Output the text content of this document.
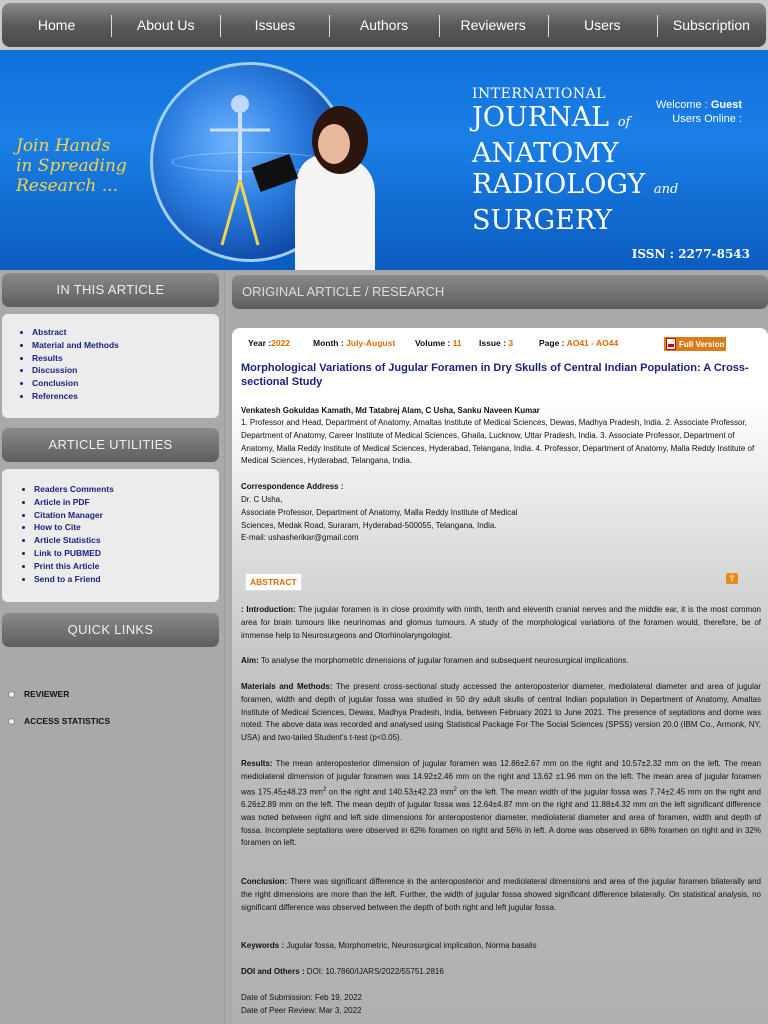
Home	About Us	Issues	Authors	Reviewers	Users	Subscription
Join Hands
in Spreading
Research ...
INTERNATIONAL
JOURNAL of
ANATOMY
RADIOLOGY and
SURGERY
Welcome : Guest
Users Online :
ISSN : 2277-8543
IN THIS ARTICLE
• Abstract
• Material and Methods
• Results
• Discussion
• Conclusion
• References
ARTICLE UTILITIES
• Readers Comments
• Article in PDF
• Citation Manager
• How to Cite
• Article Statistics
• Link to PUBMED
• Print this Article
• Send to a Friend
QUICK LINKS
REVIEWER
ACCESS STATISTICS
ORIGINAL ARTICLE / RESEARCH
Year :2022	Month : July-August Volume : 11 Issue : 3	Page : AO41 - AO44	Full Version
Morphological Variations of Jugular Foramen in Dry Skulls of Central Indian Population: A Cross-sectional Study
Venkatesh Gokuldas Kamath, Md Tatabrej Alam, C Usha, Sanku Naveen Kumar
1. Professor and Head, Department of Anatomy, Amaltas Institute of Medical Sciences, Dewas, Madhya Pradesh, India. 2. Associate Professor, Department of Anatomy, Career Institute of Medical Sciences, Ghaila, Lucknow, Uttar Pradesh, India. 3. Associate Professor, Department of Anatomy, Malla Reddy Institute of Medical Sciences, Hyderabad, Telangana, India. 4. Professor, Department of Anatomy, Malla Reddy Institute of Medical Sciences, Hyderabad, Telangana, India.
Correspondence Address :
Dr. C Usha,
Associate Professor, Department of Anatomy, Malla Reddy Institute of Medical
Sciences, Medak Road, Suraram, Hyderabad-500055, Telangana, India.
E-mail: ushasherikar@gmail.com
ABSTRACT	⇧
: Introduction: The jugular foramen is in close proximity with ninth, tenth and eleventh cranial nerves and the middle ear, it is the most common area for brain tumours like neurinomas and glomus tumours. A study of the morphological variations of the foramen would, therefore, be of immense help to Neurosurgeons and Otorhinolaryngologist.
Aim: To analyse the morphometric dimensions of jugular foramen and subsequent neurosurgical implications.
Materials and Methods: The present cross-sectional study accessed the anteroposterior diameter, mediolateral diameter and area of jugular foramen, width and depth of jugular fossa was studied in 50 dry adult skulls of central Indian population in Department of Anatomy, Amaltas Institute of Medical Sciences, Dewas, Madhya Pradesh, India, between February 2021 to June 2021. The presence of septations and dome was noted. The above data was recorded and analysed using Statistical Package For The Social Sciences (SPSS) version 20.0 (IBM Co., Armonk, NY, USA) and two-tailed Student's t-test (p<0.05).
Results: The mean anteroposterior dimension of jugular foramen was 12.86±2.67 mm on the right and 10.57±2.32 mm on the left. The mean mediolateral dimension of jugular foramen was 14.92±2.46 mm on the right and 13.62 ±1.96 mm on the left. The mean area of jugular foramen was 175.45±48.23 $mm^2$ on the right and 140.53±42.23 $mm^2$ on the left. The mean width of the jugular fossa was 7.74±2.45 mm on the right and 6.26±2.89 mm on the left. The mean depth of jugular fossa was 12.64±4.87 mm on the right and 11.88±4.32 mm on the left significant difference was noted between right and left side dimensions for anteroposterior diameter, mediolateral diameter and area of foramen, width and depth of fossa. Incomplete septations were observed in 62% foramen on right and 56% in left. A dome was observed in 68% foramen on right and in 32% foramen on left.
Conclusion: There was significant difference in the anteroposterior and mediolateral dimensions and area of the jugular foramen bilaterally and the right dimensions are more than the left. Further, the width of jugular fossa showed significant difference bilaterally. On statistical analysis, no significant difference was observed between the depth of both right and left jugular fossa.
Keywords : Jugular fossa, Morphometric, Neurosurgical implication, Norma basalis
DOI and Others : DOI: 10.7860/IJARS/2022/55751.2816
Date of Submission: Feb 19, 2022
Date of Peer Review: Mar 3, 2022
